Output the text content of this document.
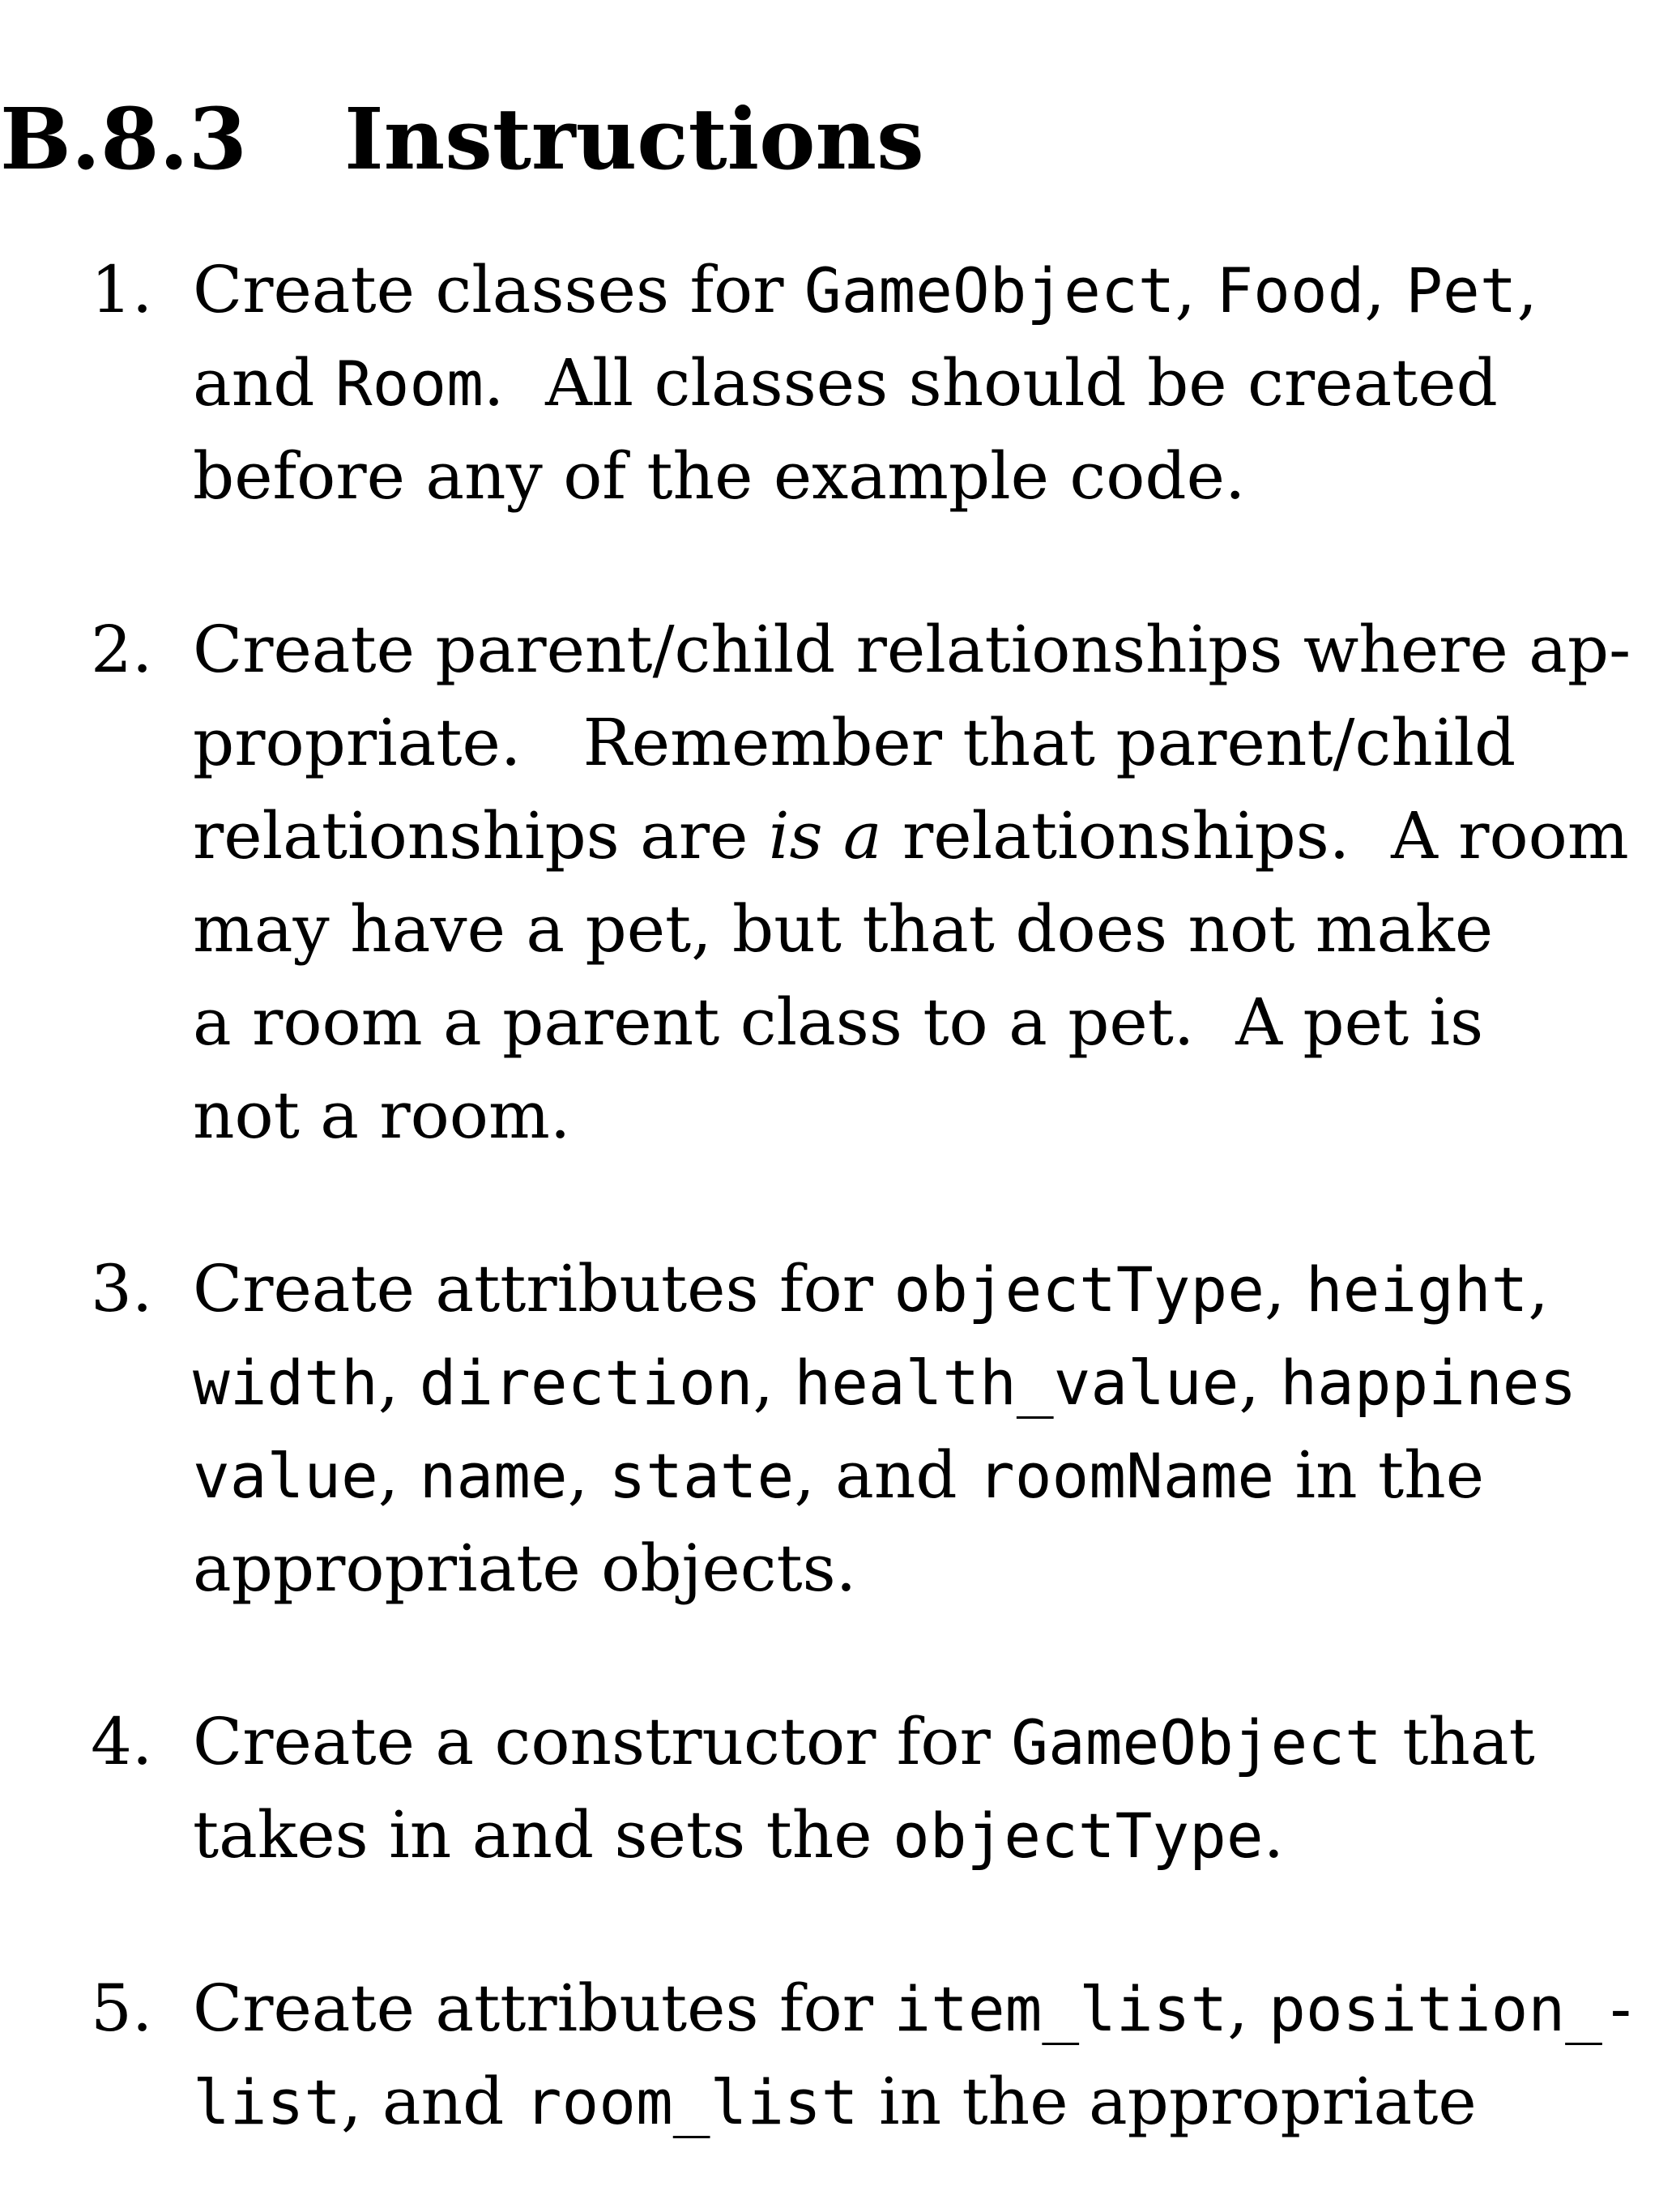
B.8.3 Instructions
1. Create classes for GameObject, Food, Pet,
and Room.  All classes should be created
before any of the example code.
2. Create parent/child relationships where ap-
propriate.   Remember that parent/child
relationships are is a relationships.  A room
may have a pet, but that does not make
a room a parent class to a pet.  A pet is
not a room.
3. Create attributes for objectType, height,
width, direction, health_value, happines
value, name, state, and roomName in the
appropriate objects.
4. Create a constructor for GameObject that
takes in and sets the objectType.
5. Create attributes for item_list, position_-
list, and room_list in the appropriate
